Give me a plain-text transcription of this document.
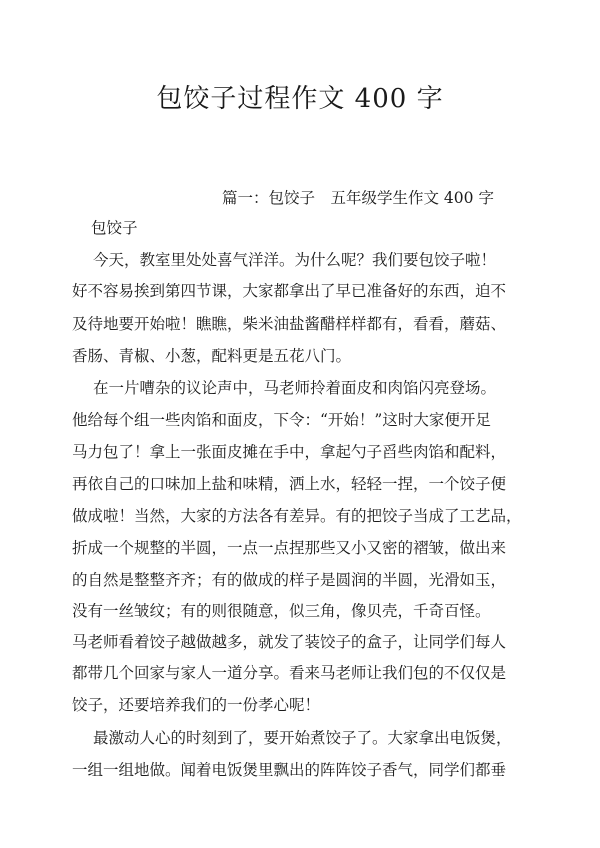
包饺子过程作文 400 字
篇一：包饺子　五年级学生作文 400 字
包饺子
今天，教室里处处喜气洋洋。为什么呢？我们要包饺子啦！
好不容易挨到第四节课，大家都拿出了早已准备好的东西，迫不
及待地要开始啦！瞧瞧，柴米油盐酱醋样样都有，看看，蘑菇、
香肠、青椒、小葱，配料更是五花八门。
在一片嘈杂的议论声中，马老师拎着面皮和肉馅闪亮登场。
他给每个组一些肉馅和面皮，下令：“开始！”这时大家便开足
马力包了！拿上一张面皮摊在手中，拿起勺子舀些肉馅和配料，
再依自己的口味加上盐和味精，洒上水，轻轻一捏，一个饺子便
做成啦！当然，大家的方法各有差异。有的把饺子当成了工艺品，
折成一个规整的半圆，一点一点捏那些又小又密的褶皱，做出来
的自然是整整齐齐；有的做成的样子是圆润的半圆，光滑如玉，
没有一丝皱纹；有的则很随意，似三角，像贝壳，千奇百怪。
马老师看着饺子越做越多，就发了装饺子的盒子，让同学们每人
都带几个回家与家人一道分享。看来马老师让我们包的不仅仅是
饺子，还要培养我们的一份孝心呢！
最激动人心的时刻到了，要开始煮饺子了。大家拿出电饭煲，
一组一组地做。闻着电饭煲里飘出的阵阵饺子香气，同学们都垂
